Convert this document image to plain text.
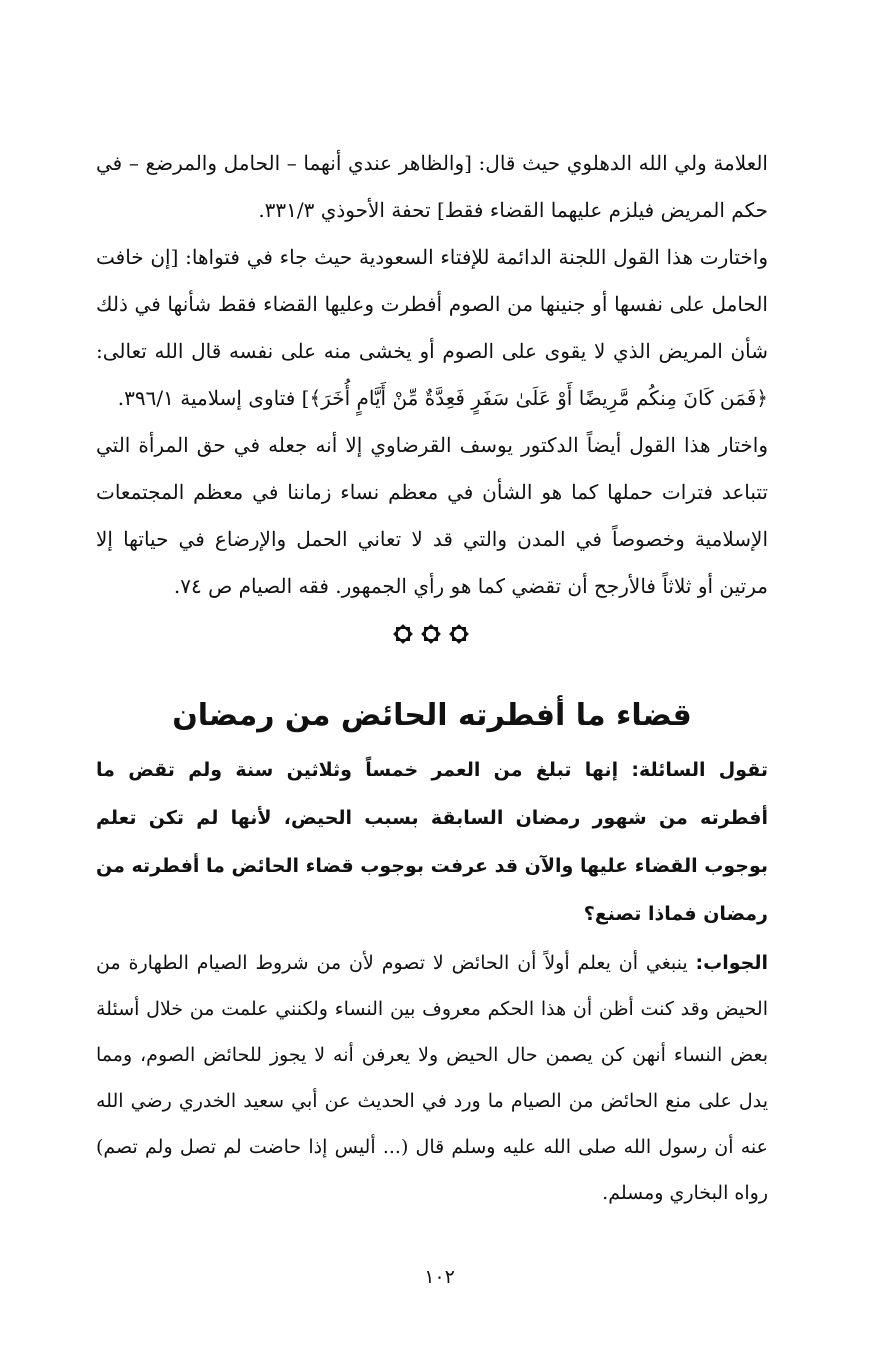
العلامة ولي الله الدهلوي حيث قال: [والظاهر عندي أنهما – الحامل والمرضع – في حكم المريض فيلزم عليهما القضاء فقط] تحفة الأحوذي ٣٣١/٣.

واختارت هذا القول اللجنة الدائمة للإفتاء السعودية حيث جاء في فتواها: [إن خافت الحامل على نفسها أو جنينها من الصوم أفطرت وعليها القضاء فقط شأنها في ذلك شأن المريض الذي لا يقوى على الصوم أو يخشى منه على نفسه قال الله تعالى: ﴿فَمَن كَانَ مِنكُم مَّرِيضًا أَوْ عَلَىٰ سَفَرٍ فَعِدَّةٌ مِّنْ أَيَّامٍ أُخَرَ﴾] فتاوى إسلامية ٣٩٦/١.

واختار هذا القول أيضاً الدكتور يوسف القرضاوي إلا أنه جعله في حق المرأة التي تتباعد فترات حملها كما هو الشأن في معظم نساء زماننا في معظم المجتمعات الإسلامية وخصوصاً في المدن والتي قد لا تعاني الحمل والإرضاع في حياتها إلا مرتين أو ثلاثاً فالأرجح أن تقضي كما هو رأي الجمهور. فقه الصيام ص ٧٤.

قضاء ما أفطرته الحائض من رمضان

تقول السائلة: إنها تبلغ من العمر خمساً وثلاثين سنة ولم تقض ما أفطرته من شهور رمضان السابقة بسبب الحيض، لأنها لم تكن تعلم بوجوب القضاء عليها والآن قد عرفت بوجوب قضاء الحائض ما أفطرته من رمضان فماذا تصنع؟

الجواب: ينبغي أن يعلم أولاً أن الحائض لا تصوم لأن من شروط الصيام الطهارة من الحيض وقد كنت أظن أن هذا الحكم معروف بين النساء ولكنني علمت من خلال أسئلة بعض النساء أنهن كن يصمن حال الحيض ولا يعرفن أنه لا يجوز للحائض الصوم، ومما يدل على منع الحائض من الصيام ما ورد في الحديث عن أبي سعيد الخدري رضي الله عنه أن رسول الله صلى الله عليه وسلم قال (... أليس إذا حاضت لم تصل ولم تصم) رواه البخاري ومسلم.

١٠٢
